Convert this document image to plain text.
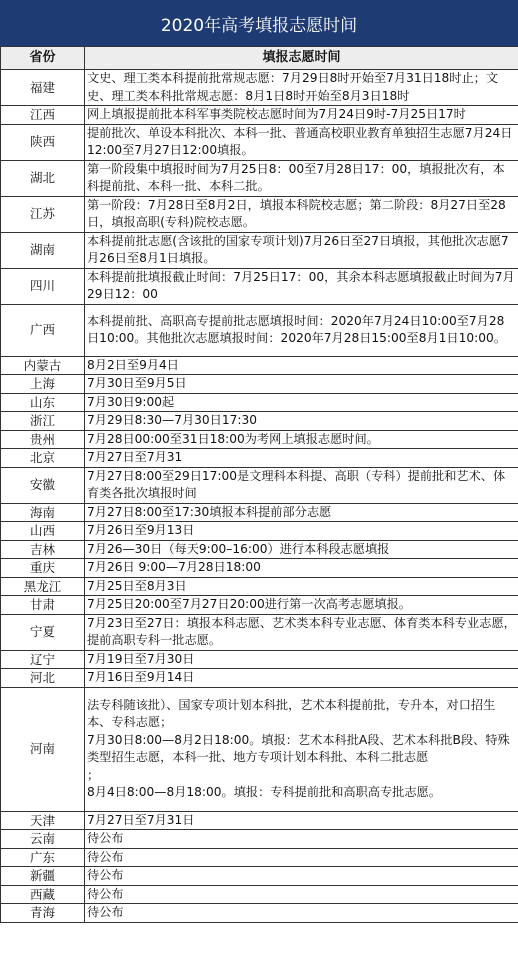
2020年高考填报志愿时间
省份	填报志愿时间
福建	文史、理工类本科提前批常规志愿：7月29日8时开始至7月31日18时止；文史、理工类本科批常规志愿：8月1日8时开始至8月3日18时
江西	网上填报提前批本科军事类院校志愿时间为7月24日9时-7月25日17时
陕西	提前批次、单设本科批次、本科一批、普通高校职业教育单独招生志愿7月24日12:00至7月27日12:00填报。
湖北	第一阶段集中填报时间为7月25日8：00至7月28日17：00，填报批次有，本科提前批、本科一批、本科二批。
江苏	第一阶段：7月28日至8月2日，填报本科院校志愿；第二阶段：8月27日至28日，填报高职(专科)院校志愿。
湖南	本科提前批志愿(含该批的国家专项计划)7月26日至27日填报，其他批次志愿7月26日至8月1日填报。
四川	本科提前批填报截止时间：7月25日17：00，其余本科志愿填报截止时间为7月29日12：00
广西	本科提前批、高职高专提前批志愿填报时间：2020年7月24日10:00至7月28日10:00。其他批次志愿填报时间：2020年7月28日15:00至8月1日10:00。
内蒙古	8月2日至9月4日
上海	7月30日至9月5日
山东	7月30日9:00起
浙江	7月29日8:30—7月30日17:30
贵州	7月28日00:00至31日18:00为考网上填报志愿时间。
北京	7月27日至7月31
安徽	7月27日8:00至29日17:00是文理科本科提、高职（专科）提前批和艺术、体育类各批次填报时间
海南	7月27日8:00至17:30填报本科提前部分志愿
山西	7月26日至9月13日
吉林	7月26—30日（每天9:00–16:00）进行本科段志愿填报
重庆	7月26日 9:00—7月28日18:00
黑龙江	7月25日至8月3日
甘肃	7月25日20:00至7月27日20:00进行第一次高考志愿填报。
宁夏	7月23日至27日：填报本科志愿、艺术类本科专业志愿、体育类本科专业志愿，提前高职专科一批志愿。
辽宁	7月19日至7月30日
河北	7月16日至9月14日
河南	法专科随该批）、国家专项计划本科批，艺术本科提前批，专升本，对口招生本、专科志愿；
7月30日8:00—8月2日18:00。填报：艺术本科批A段、艺术本科批B段、特殊类型招生志愿，本科一批、地方专项计划本科批、本科二批志愿
；
8月4日8:00—8月18:00。填报：专科提前批和高职高专批志愿。
天津	7月27日至7月31日
云南	待公布
广东	待公布
新疆	待公布
西藏	待公布
青海	待公布
